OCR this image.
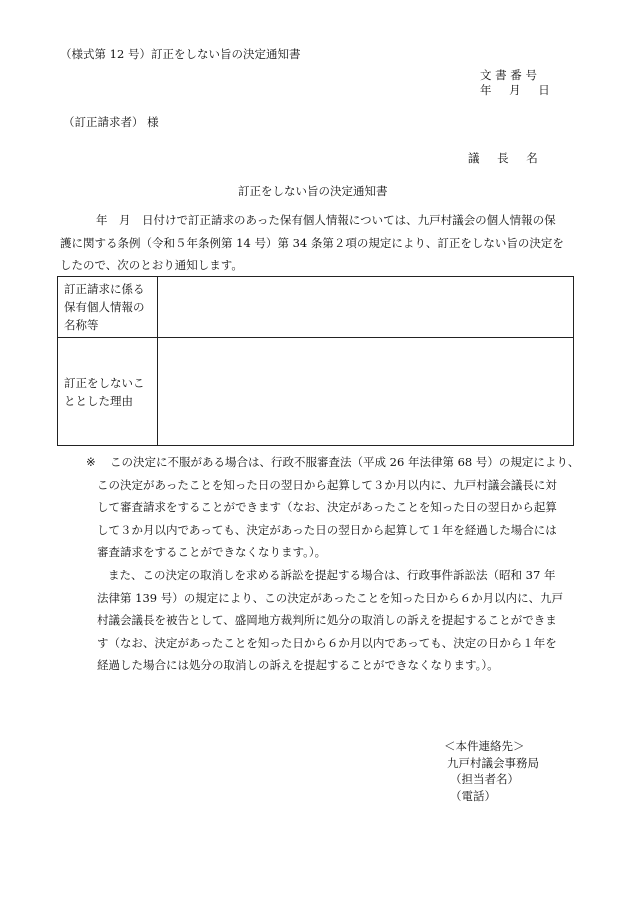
（様式第 12 号）訂正をしない旨の決定通知書
文 書 番 号
年 月 日
（訂正請求者） 様
議 長 名
訂正をしない旨の決定通知書
年　月　日付けで訂正請求のあった保有個人情報については、九戸村議会の個人情報の保
護に関する条例（令和５年条例第 14 号）第 34 条第２項の規定により、訂正をしない旨の決定を
したので、次のとおり通知します。
訂正請求に係る
保有個人情報の
名称等	

訂正をしないこ
ととした理由	

※	この決定に不服がある場合は、行政不服審査法（平成 26 年法律第 68 号）の規定により、
この決定があったことを知った日の翌日から起算して３か月以内に、九戸村議会議長に対
して審査請求をすることができます（なお、決定があったことを知った日の翌日から起算
して３か月以内であっても、決定があった日の翌日から起算して１年を経過した場合には
審査請求をすることができなくなります。）。
また、この決定の取消しを求める訴訟を提起する場合は、行政事件訴訟法（昭和 37 年
法律第 139 号）の規定により、この決定があったことを知った日から６か月以内に、九戸
村議会議長を被告として、盛岡地方裁判所に処分の取消しの訴えを提起することができま
す（なお、決定があったことを知った日から６か月以内であっても、決定の日から１年を
経過した場合には処分の取消しの訴えを提起することができなくなります。）。
＜本件連絡先＞
九戸村議会事務局
（担当者名）
（電話）
